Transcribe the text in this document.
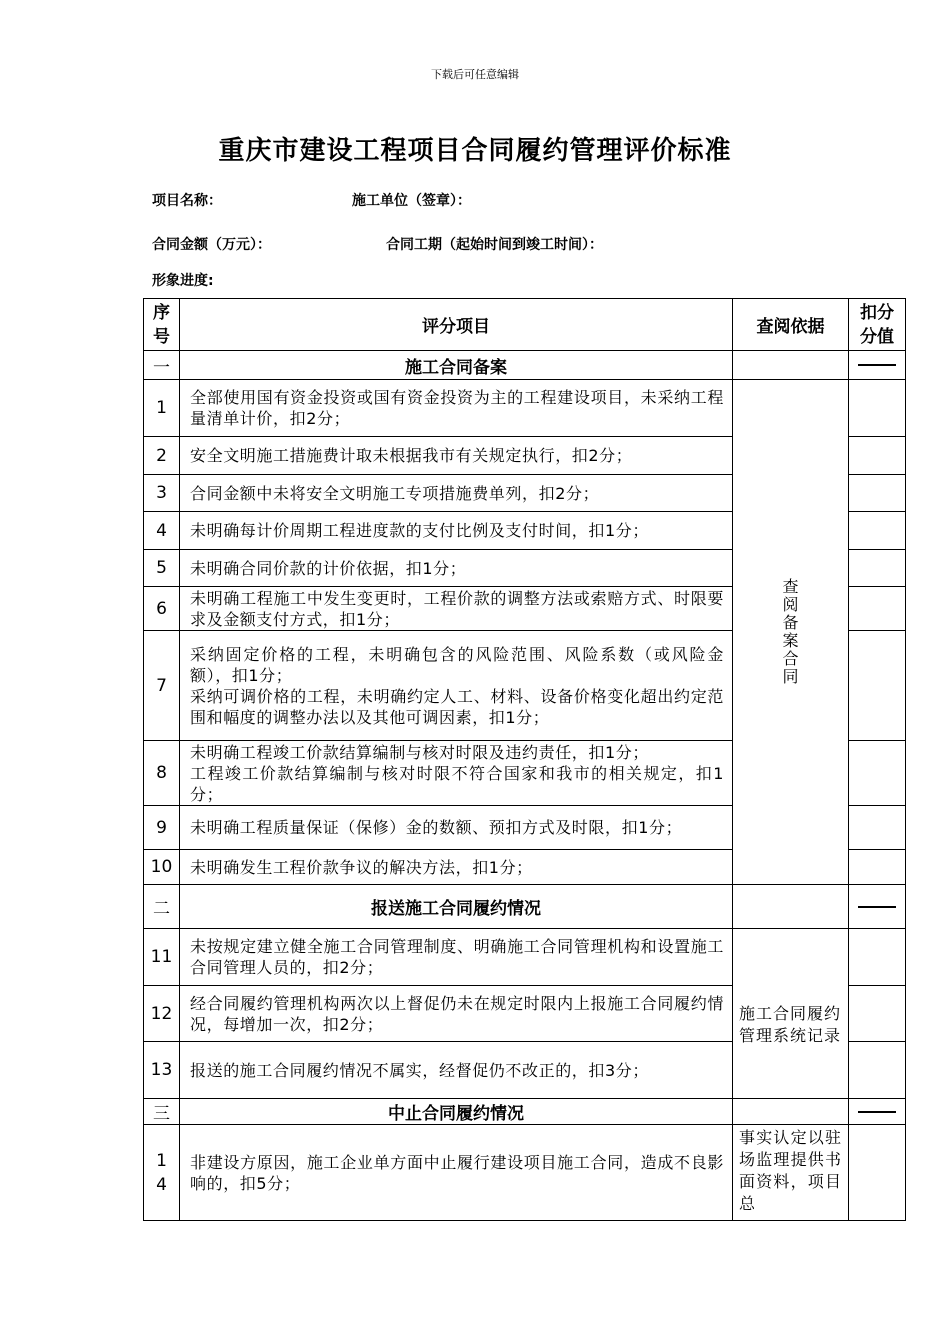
下载后可任意编辑
重庆市建设工程项目合同履约管理评价标准
项目名称：	施工单位（签章）：
合同金额（万元）：	合同工期（起始时间到竣工时间）：
形象进度:
序
号	评分项目	查阅依据	扣分
分值
一	施工合同备案		
1	全部使用国有资金投资或国有资金投资为主的工程建设项目，未采纳工程量清单计价，扣2分；	查阅备案合同	

2	安全文明施工措施费计取未根据我市有关规定执行，扣2分；		
3	合同金额中未将安全文明施工专项措施费单列，扣2分；		
4	未明确每计价周期工程进度款的支付比例及支付时间，扣1分；		
5	未明确合同价款的计价依据，扣1分；		
6	未明确工程施工中发生变更时，工程价款的调整方法或索赔方式、时限要求及金额支付方式，扣1分；		
7	采纳固定价格的工程，未明确包含的风险范围、风险系数（或风险金额），扣1分；
采纳可调价格的工程，未明确约定人工、材料、设备价格变化超出约定范围和幅度的调整办法以及其他可调因素，扣1分；		

8	未明确工程竣工价款结算编制与核对时限及违约责任，扣1分；
工程竣工价款结算编制与核对时限不符合国家和我市的相关规定，扣1分；		

9	未明确工程质量保证（保修）金的数额、预扣方式及时限，扣1分；		
10	未明确发生工程价款争议的解决方法，扣1分；		
二	报送施工合同履约情况		
11	未按规定建立健全施工合同管理制度、明确施工合同管理机构和设置施工合同管理人员的，扣2分；	施工合同履约管理系统记录	

12	经合同履约管理机构两次以上督促仍未在规定时限内上报施工合同履约情况，每增加一次，扣2分；		
13	报送的施工合同履约情况不属实，经督促仍不改正的，扣3分；		
三	中止合同履约情况		
1
4	非建设方原因，施工企业单方面中止履行建设项目施工合同，造成不良影响的，扣5分；	事实认定以驻场监理提供书面资料，项目总	
